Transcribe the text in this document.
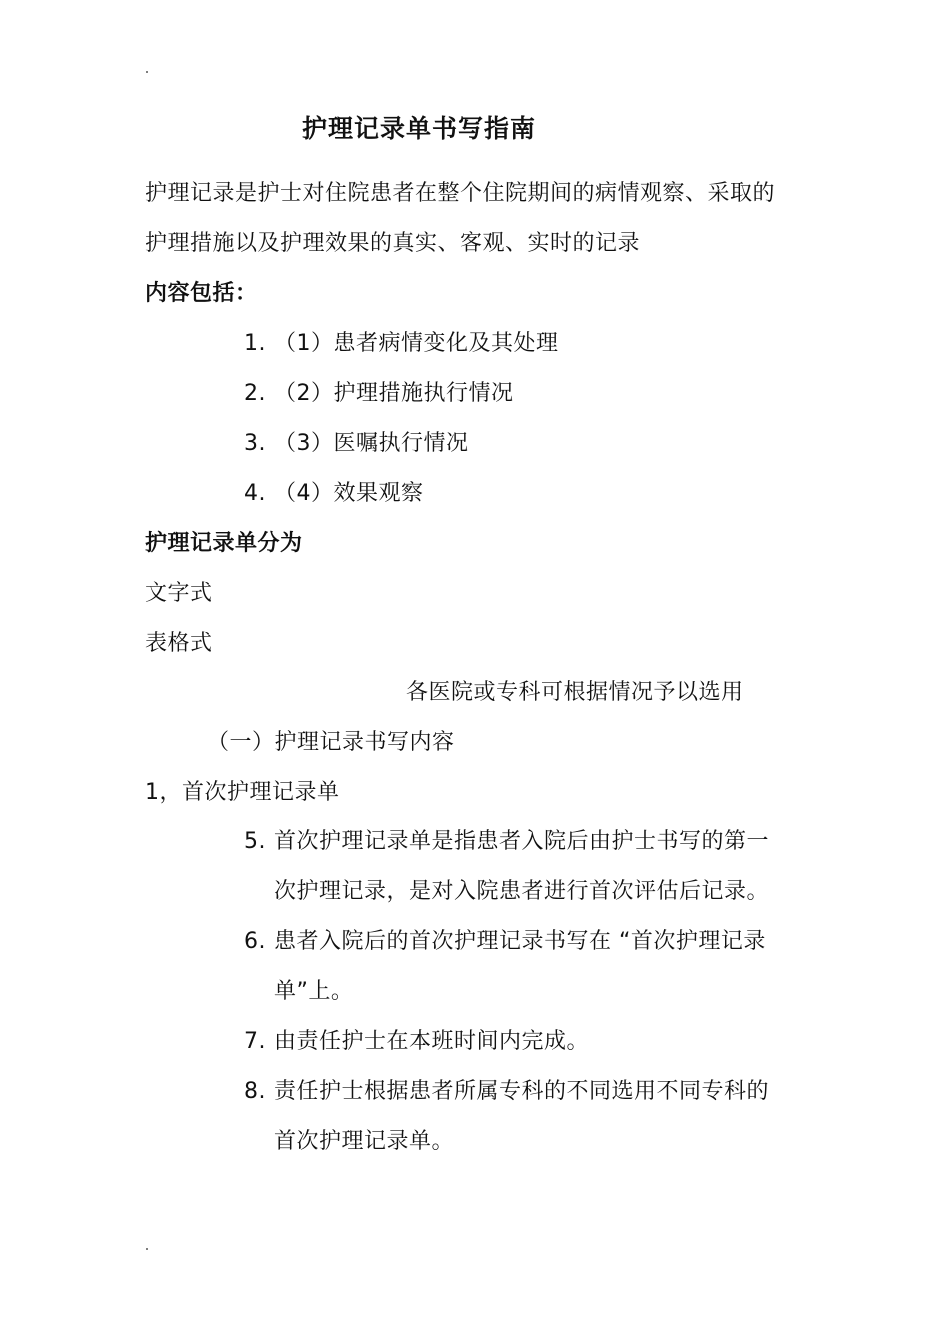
护理记录单书写指南
护理记录是护士对住院患者在整个住院期间的病情观察、采取的
护理措施以及护理效果的真实、客观、实时的记录
内容包括：
1. （1）患者病情变化及其处理
2. （2）护理措施执行情况
3. （3）医嘱执行情况
4. （4）效果观察
护理记录单分为
文字式
表格式
各医院或专科可根据情况予以选用
（一）护理记录书写内容
1，首次护理记录单
5. 首次护理记录单是指患者入院后由护士书写的第一
次护理记录，是对入院患者进行首次评估后记录。
6. 患者入院后的首次护理记录书写在 “首次护理记录
单”上。
7. 由责任护士在本班时间内完成。
8. 责任护士根据患者所属专科的不同选用不同专科的
首次护理记录单。
